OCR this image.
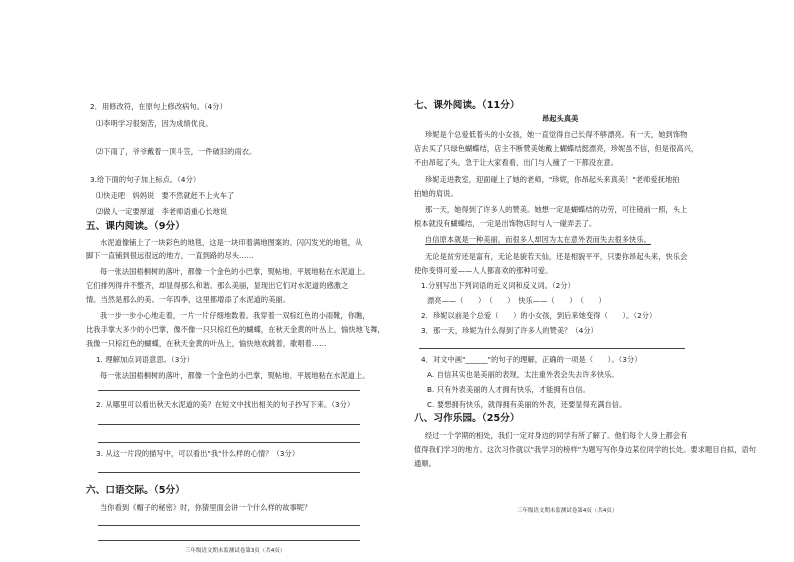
2．用修改符，在原句上修改病句。（4分）
⑴李明学习很刻苦，因为成绩优良。
⑵下雨了，爷爷戴着一顶斗笠，一件破旧的雨衣。
3.给下面的句子加上标点。（4分）
⑴快走吧　妈妈说　要不然就赶不上火车了
⑵做人一定要厚道　李老师语重心长地说
五、课内阅读。（9分）
水泥道像铺上了一块彩色的地毯，这是一块印着满地图案的、闪闪发光的地毯，从
脚下一直铺到很远很远的地方，一直到路的尽头……
每一张法国梧桐树的落叶，都像一个金色的小巴掌，熨帖地、平展地粘在水泥道上。
它们排列得并不整齐，却显得那么和谐。那么美丽，显现出它们对水泥道的感激之
情。当然是那么的美。一年四季，这里都增添了水泥道的美丽。
我一步一步小心地走着，一片一片仔细地数着。我穿着一双棕红色的小雨靴，你瞧，
比我手掌大多少的小巴掌，像不像一只只棕红色的蝴蝶，在秋天金黄的叶丛上，愉快地飞舞，
我像一只棕红色的蝴蝶，在秋天金黄的叶丛上，愉快地欢跳着，歌唱着……
1. 理解加点词语意思。（3分）
每一张法国梧桐树的落叶，都像一个金色的小巴掌，熨帖地、平展地粘在水泥道上。
2. 从哪里可以看出秋天水泥道的美？在短文中找出相关的句子抄写下来。（3分）
3. 从这一片段的描写中，可以看出"我"什么样的心情？（3分）
六、口语交际。（5分）
当你看到《帽子的秘密》时，你猜里面会讲一个什么样的故事呢？
三年级语文期末监测试卷第3页（共4页）
七、课外阅读。（11分）
昂起头真美
珍妮是个总爱低着头的小女孩，她一直觉得自己长得不够漂亮。有一天，她到饰物
店去买了只绿色蝴蝶结，店主不断赞美她戴上蝴蝶结挺漂亮，珍妮虽不信，但是很高兴，
不由昂起了头，急于让大家看看，出门与人撞了一下都没在意。
珍妮走进教室，迎面碰上了她的老师，"珍妮，你昂起头来真美！"老师爱抚地拍
拍她的肩说。
那一天，她得到了许多人的赞美。她想一定是蝴蝶结的功劳，可往镜前一照，头上
根本就没有蝴蝶结，一定是出饰物店时与人一碰弄丢了。
自信原本就是一种美丽，而很多人却因为太在意外表而失去很多快乐。
无论是贫穷还是富有，无论是貌若天仙，还是相貌平平，只要你昂起头来，快乐会
使你变得可爱——人人都喜欢的那种可爱。
1.分别写出下列词语的近义词和反义词。（2分）
漂亮——（　　）　（　　）　快乐——（　　）　（　　）
2．珍妮以前是个总爱（　　）的小女孩，到后来她变得（　　）。（2分）
3．那一天，珍妮为什么得到了许多人的赞美？（4分）
4．对文中画"______"的句子的理解，正确的一项是（　　）。（3分）
A. 自信其实也是美丽的表现，太注重外表会失去许多快乐。
B. 只有外表美丽的人才拥有快乐，才能拥有自信。
C. 要想拥有快乐，就得拥有美丽的外表，还要显得充满自信。
八、习作乐园。（25分）
经过一个学期的相处，我们一定对身边的同学有所了解了。他们每个人身上都会有
值得我们学习的地方。这次习作就以"我学习的榜样"为题写写你身边某位同学的长处。要求题目自拟，语句
通顺。
三年级语文期末监测试卷第4页（共4页）
